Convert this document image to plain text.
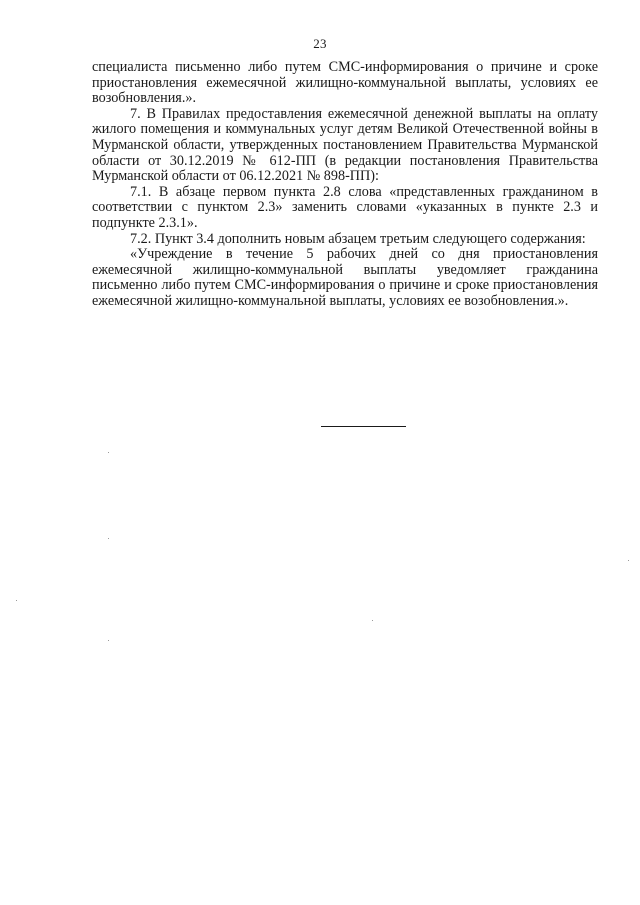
23

специалиста письменно либо путем СМС-информирования о причине и сроке приостановления ежемесячной жилищно-коммунальной выплаты, условиях ее возобновления.».

7. В Правилах предоставления ежемесячной денежной выплаты на оплату жилого помещения и коммунальных услуг детям Великой Отечественной войны в Мурманской области, утвержденных постановлением Правительства Мурманской области от 30.12.2019 № 612-ПП (в редакции постановления Правительства Мурманской области от 06.12.2021 № 898-ПП):

7.1. В абзаце первом пункта 2.8 слова «представленных гражданином в соответствии с пунктом 2.3» заменить словами «указанных в пункте 2.3 и подпункте 2.3.1».

7.2. Пункт 3.4 дополнить новым абзацем третьим следующего содержания:

«Учреждение в течение 5 рабочих дней со дня приостановления ежемесячной жилищно-коммунальной выплаты уведомляет гражданина письменно либо путем СМС-информирования о причине и сроке приостановления ежемесячной жилищно-коммунальной выплаты, условиях ее возобновления.».
